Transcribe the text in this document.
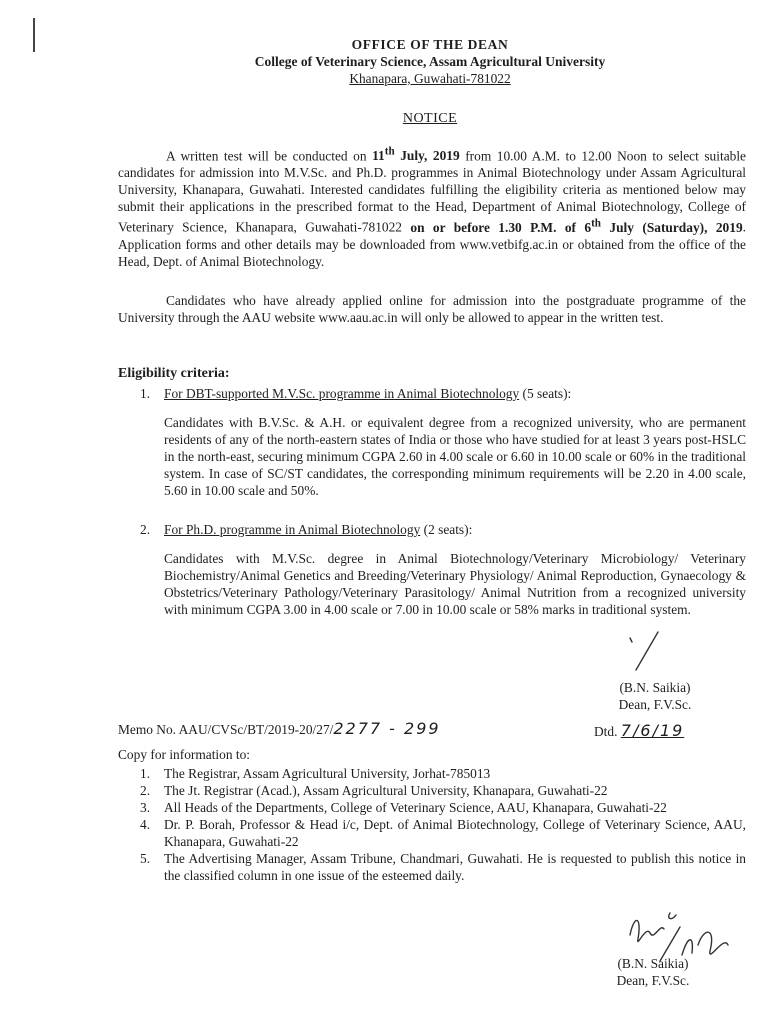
OFFICE OF THE DEAN
College of Veterinary Science, Assam Agricultural University
Khanapara, Guwahati-781022
NOTICE
A written test will be conducted on 11th July, 2019 from 10.00 A.M. to 12.00 Noon to select suitable candidates for admission into M.V.Sc. and Ph.D. programmes in Animal Biotechnology under Assam Agricultural University, Khanapara, Guwahati. Interested candidates fulfilling the eligibility criteria as mentioned below may submit their applications in the prescribed format to the Head, Department of Animal Biotechnology, College of Veterinary Science, Khanapara, Guwahati-781022 on or before 1.30 P.M. of 6th July (Saturday), 2019. Application forms and other details may be downloaded from www.vetbifg.ac.in or obtained from the office of the Head, Dept. of Animal Biotechnology.
Candidates who have already applied online for admission into the postgraduate programme of the University through the AAU website www.aau.ac.in will only be allowed to appear in the written test.
Eligibility criteria:
1. For DBT-supported M.V.Sc. programme in Animal Biotechnology (5 seats):
Candidates with B.V.Sc. & A.H. or equivalent degree from a recognized university, who are permanent residents of any of the north-eastern states of India or those who have studied for at least 3 years post-HSLC in the north-east, securing minimum CGPA 2.60 in 4.00 scale or 6.60 in 10.00 scale or 60% in the traditional system. In case of SC/ST candidates, the corresponding minimum requirements will be 2.20 in 4.00 scale, 5.60 in 10.00 scale and 50%.
2. For Ph.D. programme in Animal Biotechnology (2 seats):
Candidates with M.V.Sc. degree in Animal Biotechnology/Veterinary Microbiology/ Veterinary Biochemistry/Animal Genetics and Breeding/Veterinary Physiology/ Animal Reproduction, Gynaecology & Obstetrics/Veterinary Pathology/Veterinary Parasitology/ Animal Nutrition from a recognized university with minimum CGPA 3.00 in 4.00 scale or 7.00 in 10.00 scale or 58% marks in traditional system.
(B.N. Saikia)
Dean, F.V.Sc.
Memo No. AAU/CVSc/BT/2019-20/27/2277 - 299	Dtd. 7/6/19
Copy for information to:
1. The Registrar, Assam Agricultural University, Jorhat-785013
2. The Jt. Registrar (Acad.), Assam Agricultural University, Khanapara, Guwahati-22
3. All Heads of the Departments, College of Veterinary Science, AAU, Khanapara, Guwahati-22
4. Dr. P. Borah, Professor & Head i/c, Dept. of Animal Biotechnology, College of Veterinary Science, AAU, Khanapara, Guwahati-22
5. The Advertising Manager, Assam Tribune, Chandmari, Guwahati. He is requested to publish this notice in the classified column in one issue of the esteemed daily.
(B.N. Saikia)
Dean, F.V.Sc.
